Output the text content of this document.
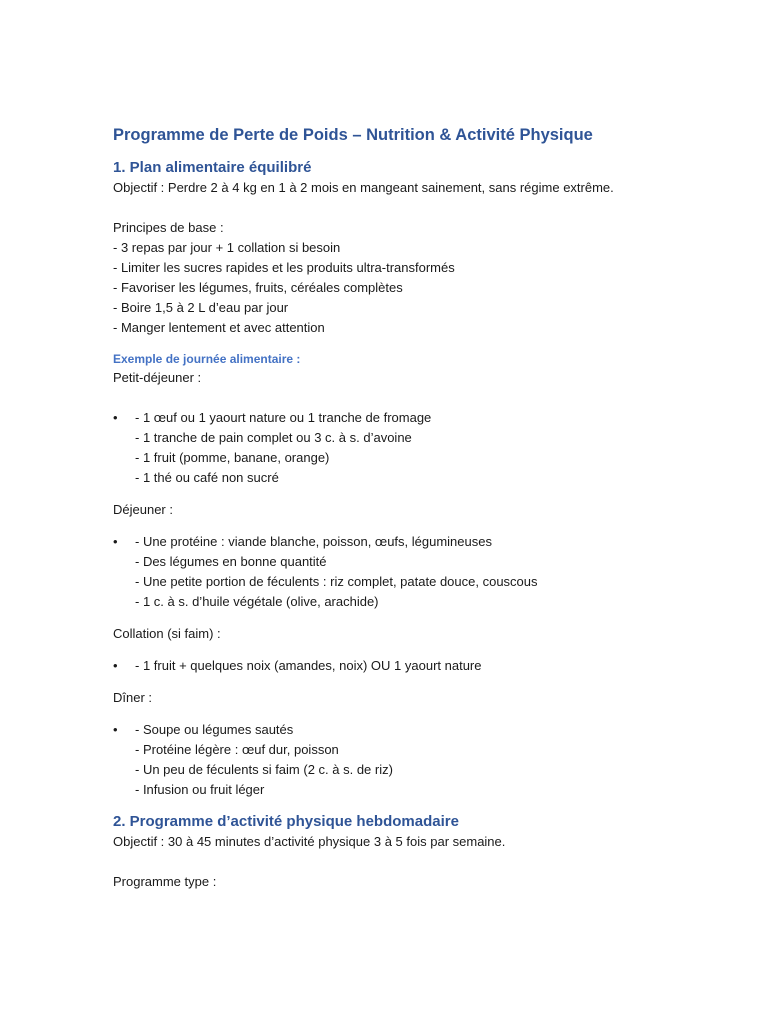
Programme de Perte de Poids – Nutrition & Activité Physique
1. Plan alimentaire équilibré

Objectif : Perdre 2 à 4 kg en 1 à 2 mois en mangeant sainement, sans régime extrême.

Principes de base :

- 3 repas par jour + 1 collation si besoin

- Limiter les sucres rapides et les produits ultra-transformés

- Favoriser les légumes, fruits, céréales complètes

- Boire 1,5 à 2 L d’eau par jour

- Manger lentement et avec attention

Exemple de journée alimentaire :

Petit-déjeuner :

• - 1 œuf ou 1 yaourt nature ou 1 tranche de fromage

- 1 tranche de pain complet ou 3 c. à s. d’avoine

- 1 fruit (pomme, banane, orange)

- 1 thé ou café non sucré

Déjeuner :

• - Une protéine : viande blanche, poisson, œufs, légumineuses

- Des légumes en bonne quantité

- Une petite portion de féculents : riz complet, patate douce, couscous

- 1 c. à s. d’huile végétale (olive, arachide)

Collation (si faim) :

• - 1 fruit + quelques noix (amandes, noix) OU 1 yaourt nature

Dîner :

• - Soupe ou légumes sautés

- Protéine légère : œuf dur, poisson

- Un peu de féculents si faim (2 c. à s. de riz)

- Infusion ou fruit léger

2. Programme d’activité physique hebdomadaire

Objectif : 30 à 45 minutes d’activité physique 3 à 5 fois par semaine.

Programme type :
